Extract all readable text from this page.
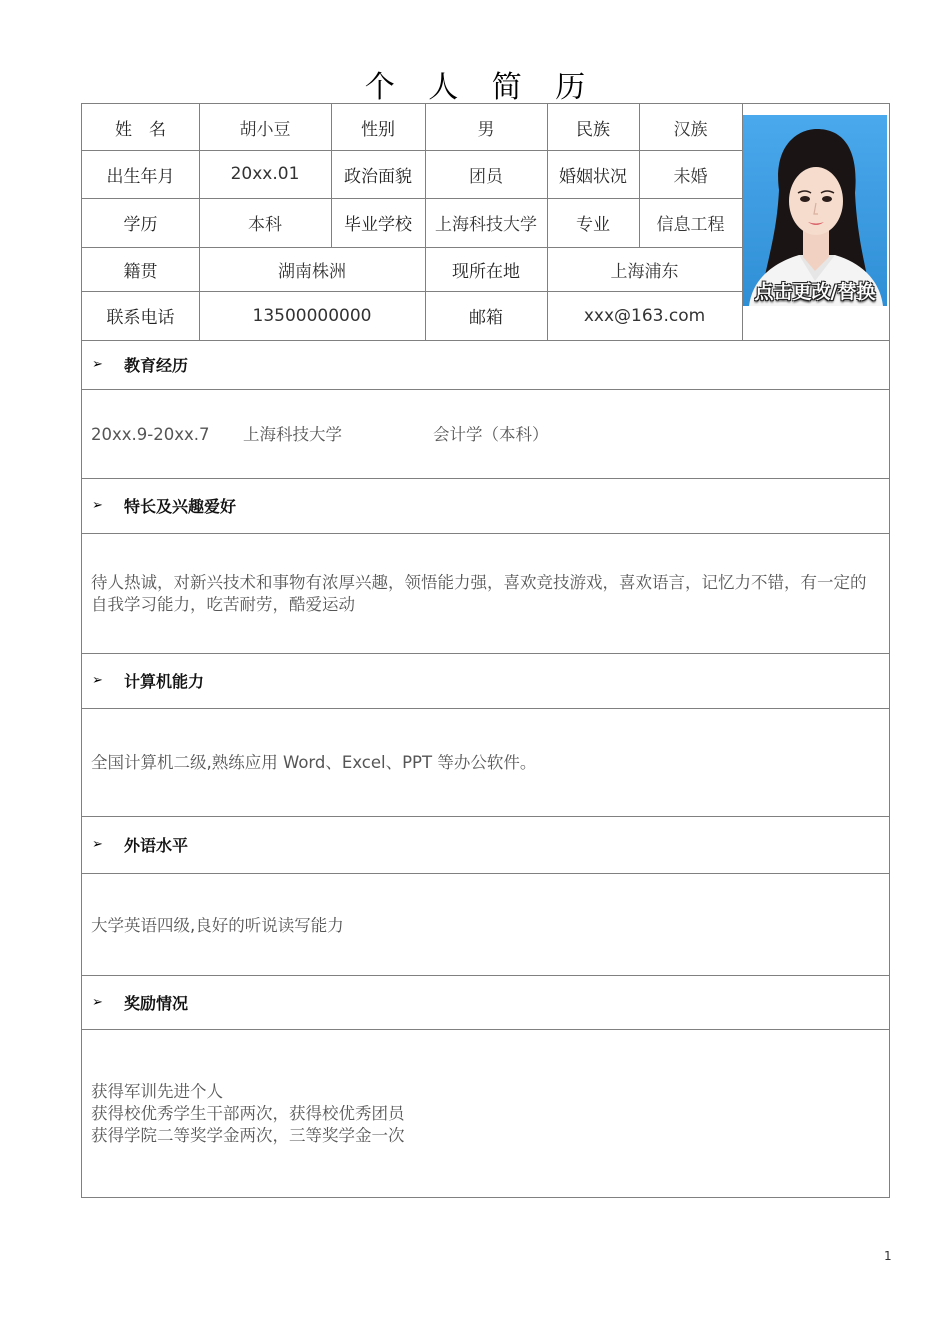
个 人 简 历
姓　名	胡小豆	性别	男	民族	汉族
出生年月	20xx.01	政治面貌	团员	婚姻状况	未婚
学历	本科	毕业学校	上海科技大学	专业	信息工程
籍贯	湖南株洲	现所在地	上海浦东
联系电话	13500000000	邮箱	xxx@163.com
点击更改/替换
➢	教育经历
20xx.9-20xx.7 上海科技大学	会计学（本科）
➢	特长及兴趣爱好
待人热诚，对新兴技术和事物有浓厚兴趣，领悟能力强，喜欢竞技游戏，喜欢语言，记忆力不错，有一定的自我学习能力，吃苦耐劳，酷爱运动
➢	计算机能力
全国计算机二级,熟练应用 Word、Excel、PPT 等办公软件。
➢	外语水平
大学英语四级,良好的听说读写能力
➢	奖励情况
获得军训先进个人
获得校优秀学生干部两次，获得校优秀团员
获得学院二等奖学金两次，三等奖学金一次
1
